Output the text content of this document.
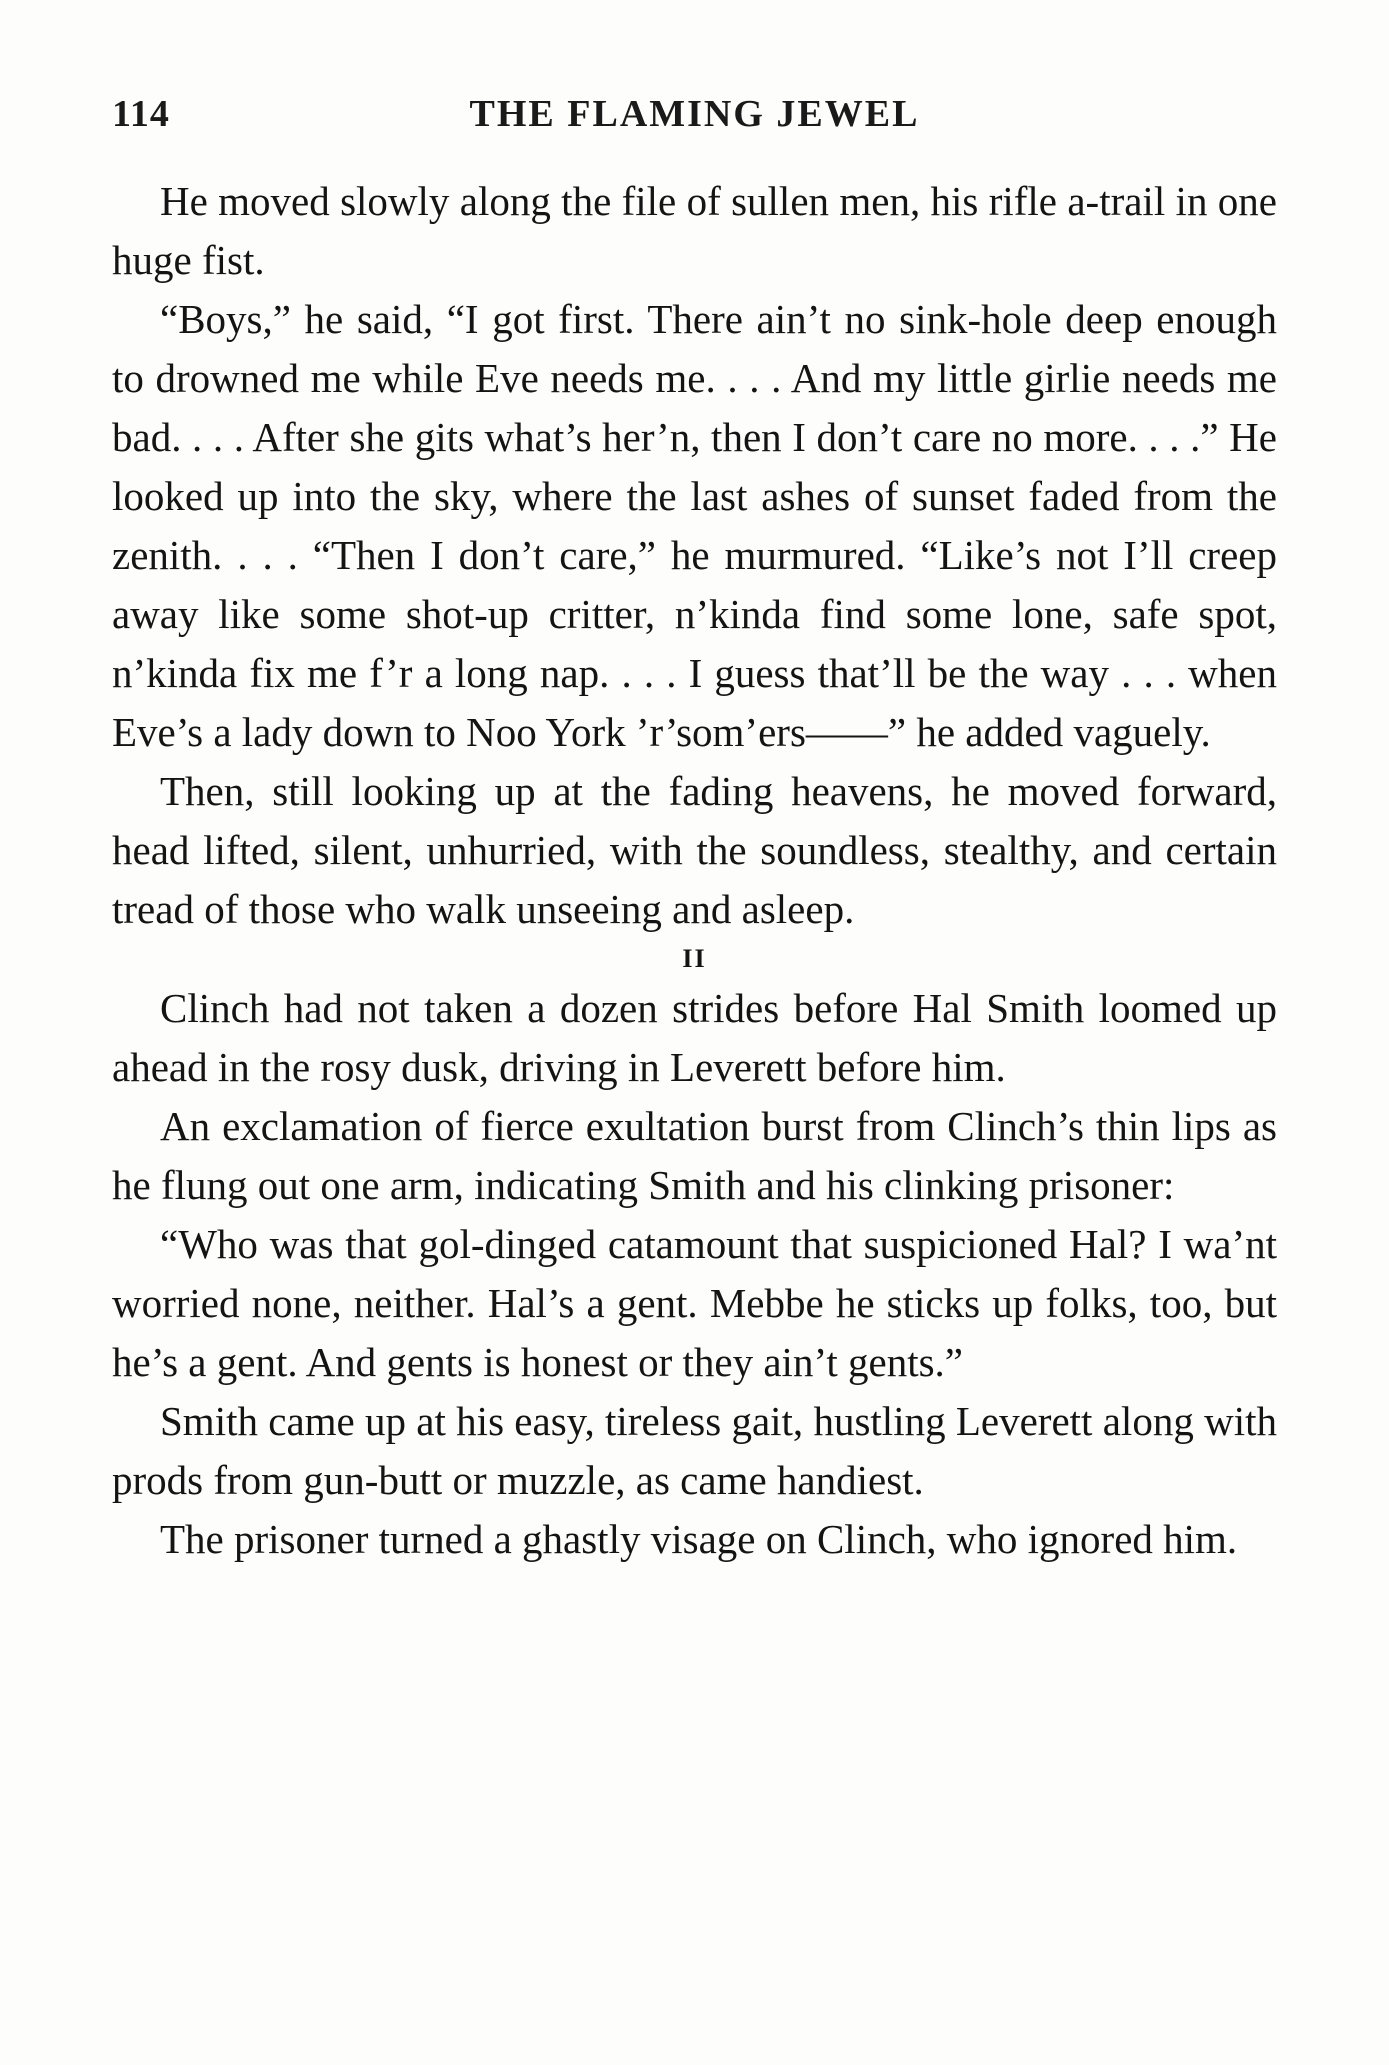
114	THE FLAMING JEWEL

He moved slowly along the file of sullen men, his rifle a-trail in one huge fist.

“Boys,” he said, “I got first. There ain’t no sink-hole deep enough to drowned me while Eve needs me. . . . And my little girlie needs me bad. . . . After she gits what’s her’n, then I don’t care no more. . . .” He looked up into the sky, where the last ashes of sunset faded from the zenith. . . . “Then I don’t care,” he murmured. “Like’s not I’ll creep away like some shot-up critter, n’kinda find some lone, safe spot, n’kinda fix me f’r a long nap. . . . I guess that’ll be the way . . . when Eve’s a lady down to Noo York ’r’som’ers——” he added vaguely.

Then, still looking up at the fading heavens, he moved forward, head lifted, silent, unhurried, with the soundless, stealthy, and certain tread of those who walk unseeing and asleep.

II

Clinch had not taken a dozen strides before Hal Smith loomed up ahead in the rosy dusk, driving in Leverett before him.

An exclamation of fierce exultation burst from Clinch’s thin lips as he flung out one arm, indicating Smith and his clinking prisoner:

“Who was that gol-dinged catamount that suspicioned Hal? I wa’nt worried none, neither. Hal’s a gent. Mebbe he sticks up folks, too, but he’s a gent. And gents is honest or they ain’t gents.”

Smith came up at his easy, tireless gait, hustling Leverett along with prods from gun-butt or muzzle, as came handiest.

The prisoner turned a ghastly visage on Clinch, who ignored him.
